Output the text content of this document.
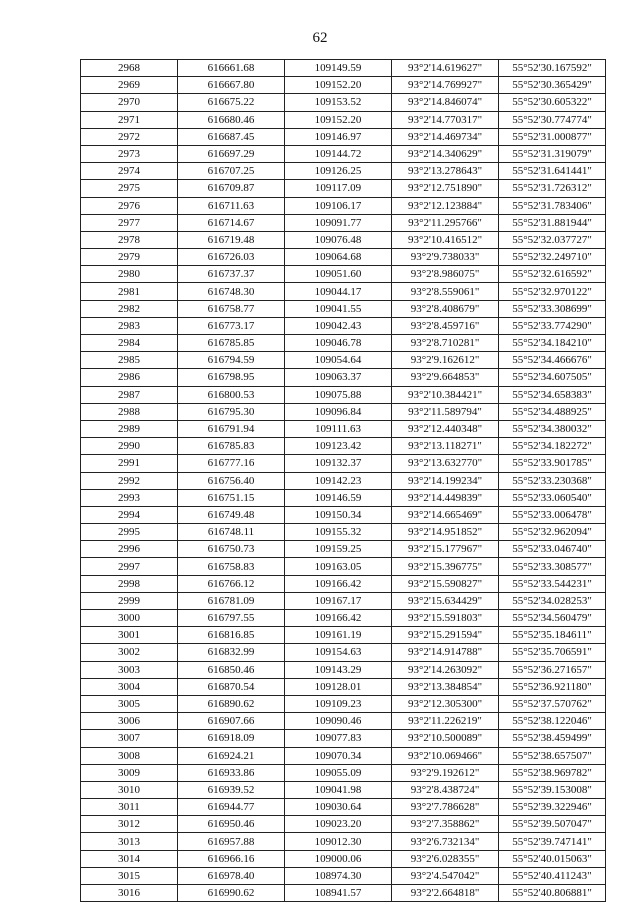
62
2968	616661.68	109149.59	93°2'14.619627"	55°52'30.167592"
2969	616667.80	109152.20	93°2'14.769927"	55°52'30.365429"
2970	616675.22	109153.52	93°2'14.846074"	55°52'30.605322"
2971	616680.46	109152.20	93°2'14.770317"	55°52'30.774774"
2972	616687.45	109146.97	93°2'14.469734"	55°52'31.000877"
2973	616697.29	109144.72	93°2'14.340629"	55°52'31.319079"
2974	616707.25	109126.25	93°2'13.278643"	55°52'31.641441"
2975	616709.87	109117.09	93°2'12.751890"	55°52'31.726312"
2976	616711.63	109106.17	93°2'12.123884"	55°52'31.783406"
2977	616714.67	109091.77	93°2'11.295766"	55°52'31.881944"
2978	616719.48	109076.48	93°2'10.416512"	55°52'32.037727"
2979	616726.03	109064.68	93°2'9.738033"	55°52'32.249710"
2980	616737.37	109051.60	93°2'8.986075"	55°52'32.616592"
2981	616748.30	109044.17	93°2'8.559061"	55°52'32.970122"
2982	616758.77	109041.55	93°2'8.408679"	55°52'33.308699"
2983	616773.17	109042.43	93°2'8.459716"	55°52'33.774290"
2984	616785.85	109046.78	93°2'8.710281"	55°52'34.184210"
2985	616794.59	109054.64	93°2'9.162612"	55°52'34.466676"
2986	616798.95	109063.37	93°2'9.664853"	55°52'34.607505"
2987	616800.53	109075.88	93°2'10.384421"	55°52'34.658383"
2988	616795.30	109096.84	93°2'11.589794"	55°52'34.488925"
2989	616791.94	109111.63	93°2'12.440348"	55°52'34.380032"
2990	616785.83	109123.42	93°2'13.118271"	55°52'34.182272"
2991	616777.16	109132.37	93°2'13.632770"	55°52'33.901785"
2992	616756.40	109142.23	93°2'14.199234"	55°52'33.230368"
2993	616751.15	109146.59	93°2'14.449839"	55°52'33.060540"
2994	616749.48	109150.34	93°2'14.665469"	55°52'33.006478"
2995	616748.11	109155.32	93°2'14.951852"	55°52'32.962094"
2996	616750.73	109159.25	93°2'15.177967"	55°52'33.046740"
2997	616758.83	109163.05	93°2'15.396775"	55°52'33.308577"
2998	616766.12	109166.42	93°2'15.590827"	55°52'33.544231"
2999	616781.09	109167.17	93°2'15.634429"	55°52'34.028253"
3000	616797.55	109166.42	93°2'15.591803"	55°52'34.560479"
3001	616816.85	109161.19	93°2'15.291594"	55°52'35.184611"
3002	616832.99	109154.63	93°2'14.914788"	55°52'35.706591"
3003	616850.46	109143.29	93°2'14.263092"	55°52'36.271657"
3004	616870.54	109128.01	93°2'13.384854"	55°52'36.921180"
3005	616890.62	109109.23	93°2'12.305300"	55°52'37.570762"
3006	616907.66	109090.46	93°2'11.226219"	55°52'38.122046"
3007	616918.09	109077.83	93°2'10.500089"	55°52'38.459499"
3008	616924.21	109070.34	93°2'10.069466"	55°52'38.657507"
3009	616933.86	109055.09	93°2'9.192612"	55°52'38.969782"
3010	616939.52	109041.98	93°2'8.438724"	55°52'39.153008"
3011	616944.77	109030.64	93°2'7.786628"	55°52'39.322946"
3012	616950.46	109023.20	93°2'7.358862"	55°52'39.507047"
3013	616957.88	109012.30	93°2'6.732134"	55°52'39.747141"
3014	616966.16	109000.06	93°2'6.028355"	55°52'40.015063"
3015	616978.40	108974.30	93°2'4.547042"	55°52'40.411243"
3016	616990.62	108941.57	93°2'2.664818"	55°52'40.806881"
